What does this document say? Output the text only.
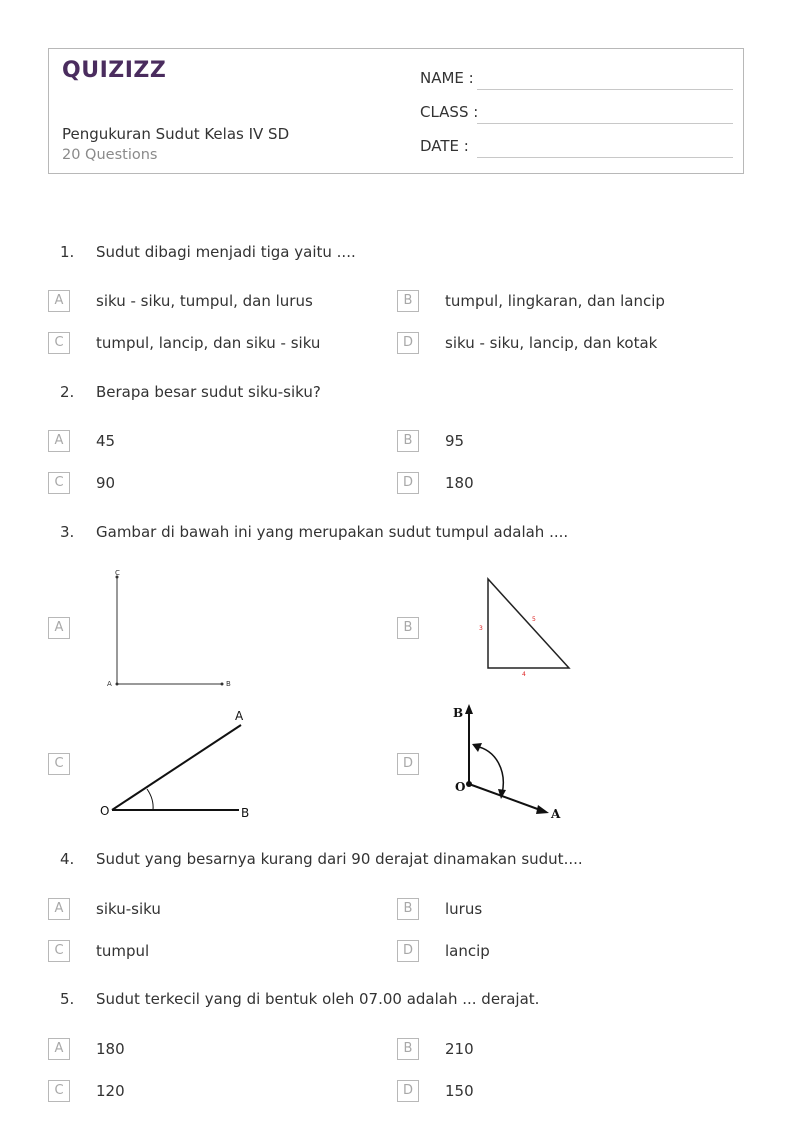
QUIZIZZ
Pengukuran Sudut Kelas IV SD
20 Questions
NAME :
CLASS :
DATE :
1. Sudut dibagi menjadi tiga yaitu ....
A	siku - siku, tumpul, dan lurus	B	tumpul, lingkaran, dan lancip
C	tumpul, lancip, dan siku - siku	D	siku - siku, lancip, dan kotak
2. Berapa besar sudut siku-siku?
A	45	B	95
C	90	D	180
3. Gambar di bawah ini yang merupakan sudut tumpul adalah ....
A
C
A	B
B	3
5
4
C
O
A
B
D
O
B
A
4. Sudut yang besarnya kurang dari 90 derajat dinamakan sudut....
A	siku-siku	B	lurus
C	tumpul	D	lancip
5. Sudut terkecil yang di bentuk oleh 07.00 adalah ... derajat.
A	180	B	210
C	120	D	150
